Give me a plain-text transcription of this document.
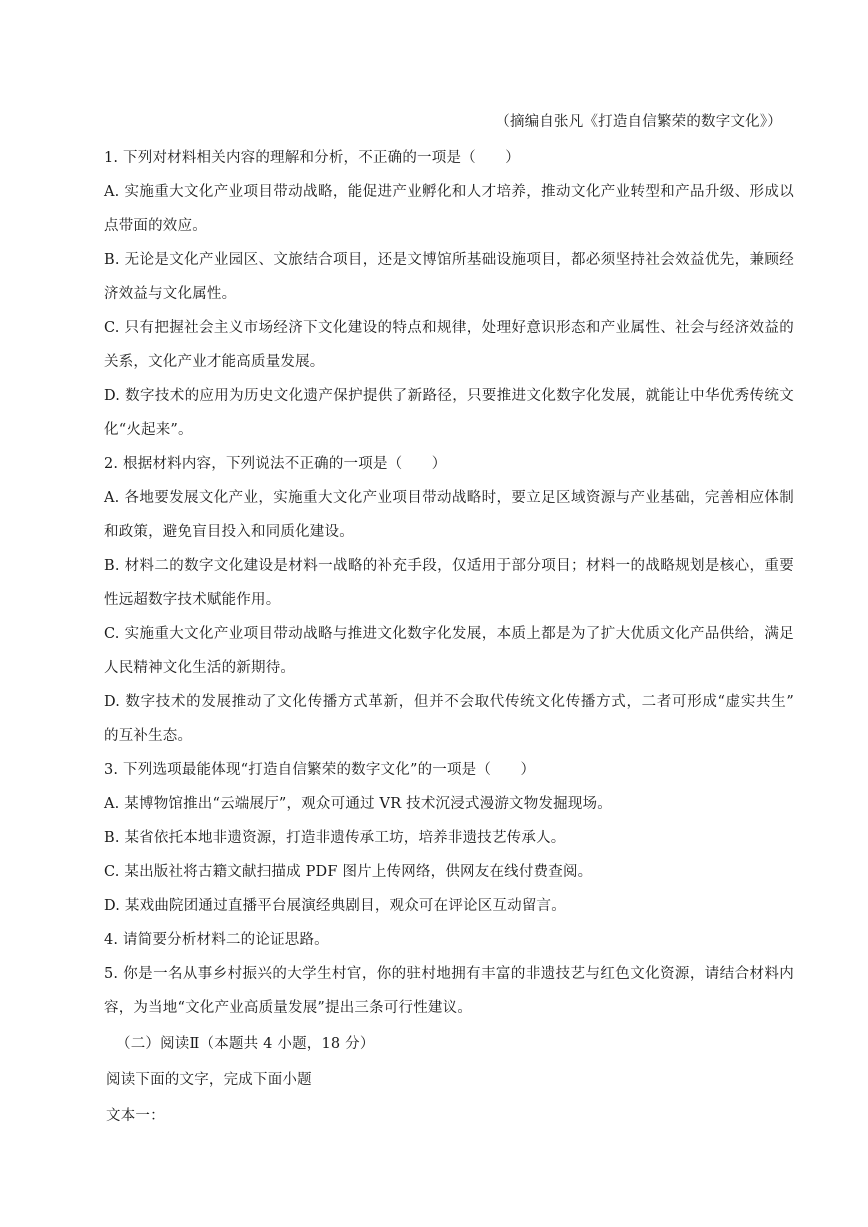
（摘编自张凡《打造自信繁荣的数字文化》）
1. 下列对材料相关内容的理解和分析，不正确的一项是（　　）
A. 实施重大文化产业项目带动战略，能促进产业孵化和人才培养，推动文化产业转型和产品升级、形成以
点带面的效应。
B. 无论是文化产业园区、文旅结合项目，还是文博馆所基础设施项目，都必须坚持社会效益优先，兼顾经
济效益与文化属性。
C. 只有把握社会主义市场经济下文化建设的特点和规律，处理好意识形态和产业属性、社会与经济效益的
关系，文化产业才能高质量发展。
D. 数字技术的应用为历史文化遗产保护提供了新路径，只要推进文化数字化发展，就能让中华优秀传统文
化“火起来”。
2. 根据材料内容，下列说法不正确的一项是（　　）
A. 各地要发展文化产业，实施重大文化产业项目带动战略时，要立足区域资源与产业基础，完善相应体制
和政策，避免盲目投入和同质化建设。
B. 材料二的数字文化建设是材料一战略的补充手段，仅适用于部分项目；材料一的战略规划是核心，重要
性远超数字技术赋能作用。
C. 实施重大文化产业项目带动战略与推进文化数字化发展，本质上都是为了扩大优质文化产品供给，满足
人民精神文化生活的新期待。
D. 数字技术的发展推动了文化传播方式革新，但并不会取代传统文化传播方式，二者可形成“虚实共生”
的互补生态。
3. 下列选项最能体现“打造自信繁荣的数字文化”的一项是（　　）
A. 某博物馆推出“云端展厅”，观众可通过 VR 技术沉浸式漫游文物发掘现场。
B. 某省依托本地非遗资源，打造非遗传承工坊，培养非遗技艺传承人。
C. 某出版社将古籍文献扫描成 PDF 图片上传网络，供网友在线付费查阅。
D. 某戏曲院团通过直播平台展演经典剧目，观众可在评论区互动留言。
4. 请简要分析材料二的论证思路。
5. 你是一名从事乡村振兴的大学生村官，你的驻村地拥有丰富的非遗技艺与红色文化资源，请结合材料内
容，为当地“文化产业高质量发展”提出三条可行性建议。
（二）阅读Ⅱ（本题共 4 小题，18 分）
阅读下面的文字，完成下面小题
文本一：
